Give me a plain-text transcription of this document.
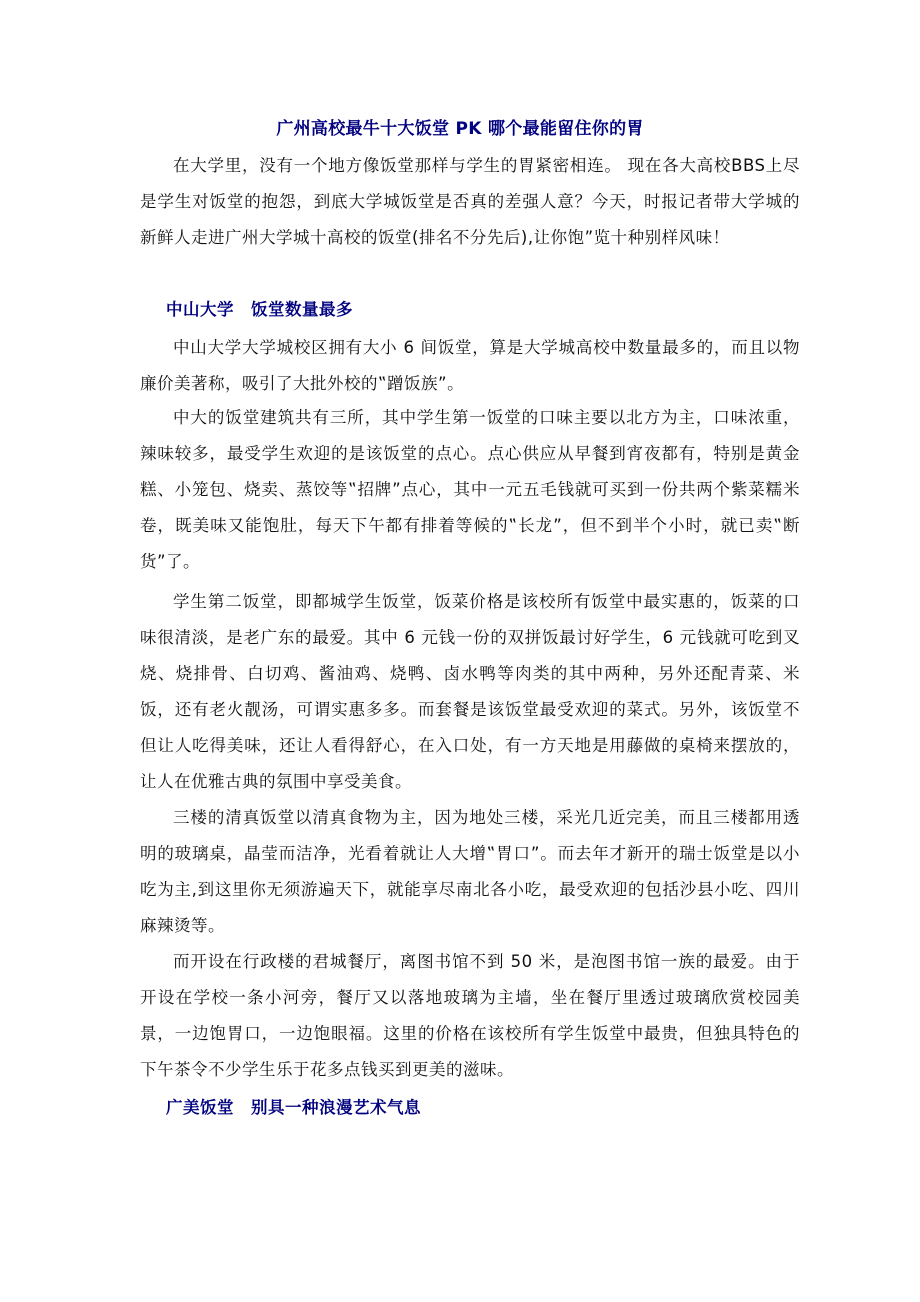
广州高校最牛十大饭堂 PK 哪个最能留住你的胃

在大学里，没有一个地方像饭堂那样与学生的胃紧密相连。 现在各大高校BBS上尽是学生对饭堂的抱怨，到底大学城饭堂是否真的差强人意？今天，时报记者带大学城的新鲜人走进广州大学城十高校的饭堂(排名不分先后),让你饱”览十种别样风味！

中山大学　饭堂数量最多

中山大学大学城校区拥有大小 6 间饭堂，算是大学城高校中数量最多的，而且以物廉价美著称，吸引了大批外校的‟蹭饭族”。

中大的饭堂建筑共有三所，其中学生第一饭堂的口味主要以北方为主，口味浓重，辣味较多，最受学生欢迎的是该饭堂的点心。点心供应从早餐到宵夜都有，特别是黄金糕、小笼包、烧卖、蒸饺等‟招牌”点心，其中一元五毛钱就可买到一份共两个紫菜糯米卷，既美味又能饱肚，每天下午都有排着等候的‟长龙”，但不到半个小时，就已卖‟断货”了。

学生第二饭堂，即都城学生饭堂，饭菜价格是该校所有饭堂中最实惠的，饭菜的口味很清淡，是老广东的最爱。其中 6 元钱一份的双拼饭最讨好学生，6 元钱就可吃到叉烧、烧排骨、白切鸡、酱油鸡、烧鸭、卤水鸭等肉类的其中两种，另外还配青菜、米饭，还有老火靓汤，可谓实惠多多。而套餐是该饭堂最受欢迎的菜式。另外，该饭堂不但让人吃得美味，还让人看得舒心，在入口处，有一方天地是用藤做的桌椅来摆放的，让人在优雅古典的氛围中享受美食。

三楼的清真饭堂以清真食物为主，因为地处三楼，采光几近完美，而且三楼都用透明的玻璃桌，晶莹而洁净，光看着就让人大增‟胃口”。而去年才新开的瑞士饭堂是以小吃为主,到这里你无须游遍天下，就能享尽南北各小吃，最受欢迎的包括沙县小吃、四川麻辣烫等。

而开设在行政楼的君城餐厅，离图书馆不到 50 米，是泡图书馆一族的最爱。由于开设在学校一条小河旁，餐厅又以落地玻璃为主墙，坐在餐厅里透过玻璃欣赏校园美景，一边饱胃口，一边饱眼福。这里的价格在该校所有学生饭堂中最贵，但独具特色的下午茶令不少学生乐于花多点钱买到更美的滋味。

广美饭堂　别具一种浪漫艺术气息
